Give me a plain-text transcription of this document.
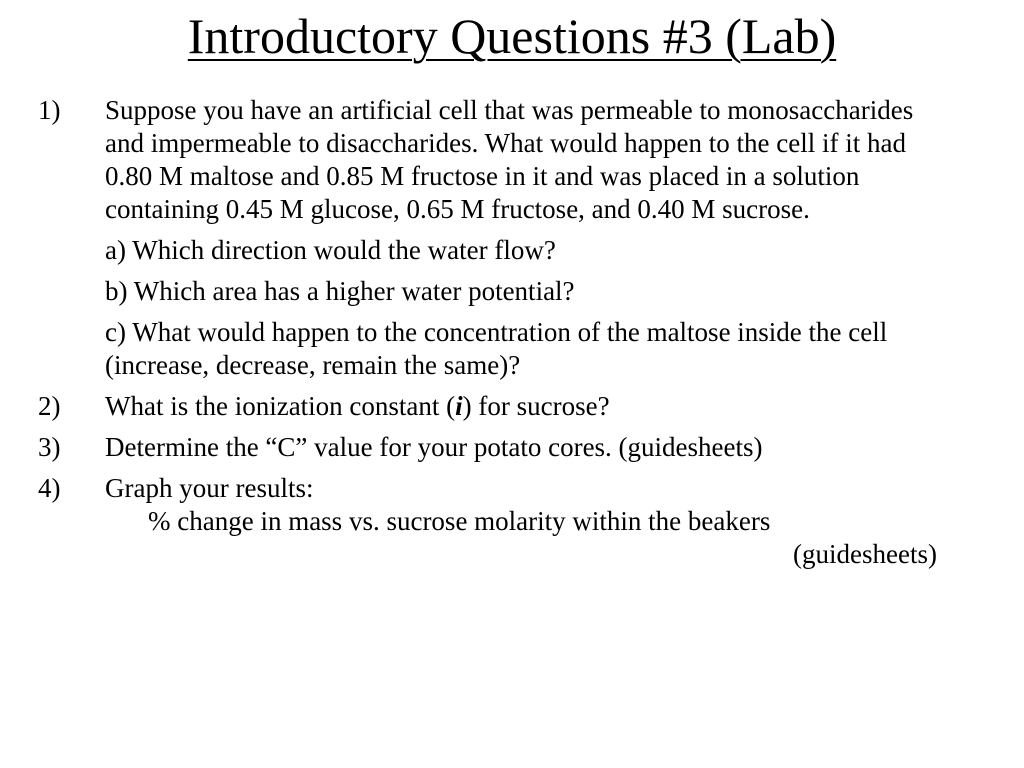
Introductory Questions #3 (Lab)

1) Suppose you have an artificial cell that was permeable to monosaccharides and impermeable to disaccharides. What would happen to the cell if it had 0.80 M maltose and 0.85 M fructose in it and was placed in a solution containing 0.45 M glucose, 0.65 M fructose, and 0.40 M sucrose.

a) Which direction would the water flow?

b) Which area has a higher water potential?

c) What would happen to the concentration of the maltose inside the cell (increase, decrease, remain the same)?

2) What is the ionization constant (i) for sucrose?

3) Determine the “C” value for your potato cores. (guidesheets)

4) Graph your results:

% change in mass vs. sucrose molarity within the beakers

(guidesheets)
